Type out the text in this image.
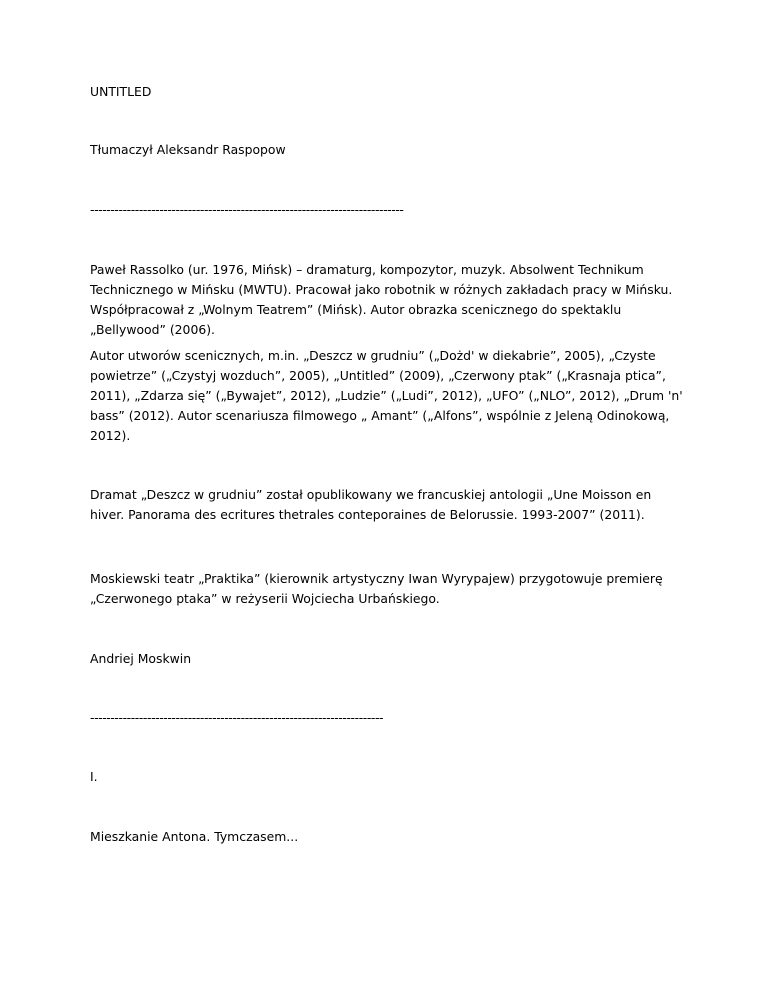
UNTITLED

Tłumaczył Aleksandr Raspopow

-----------------------------------------------------------------------------

Paweł Rassolko (ur. 1976, Mińsk) – dramaturg, kompozytor, muzyk. Absolwent Technikum Technicznego w Mińsku (MWTU). Pracował jako robotnik w różnych zakładach pracy w Mińsku. Współpracował z „Wolnym Teatrem” (Mińsk). Autor obrazka scenicznego do spektaklu „Bellywood” (2006).

Autor utworów scenicznych, m.in. „Deszcz w grudniu” („Dożd' w diekabrie”, 2005), „Czyste powietrze” („Czystyj wozduch”, 2005), „Untitled” (2009), „Czerwony ptak” („Krasnaja ptica”, 2011), „Zdarza się” („Bywajet”, 2012), „Ludzie” („Ludi”, 2012), „UFO” („NLO”, 2012), „Drum 'n' bass” (2012). Autor scenariusza filmowego „ Amant” („Alfons”, wspólnie z Jeleną Odinokową, 2012).

Dramat „Deszcz w grudniu” został opublikowany we francuskiej antologii „Une Moisson en hiver. Panorama des ecritures thetrales conteporaines de Belorussie. 1993-2007” (2011).

Moskiewski teatr „Praktika” (kierownik artystyczny Iwan Wyrypajew) przygotowuje premierę „Czerwonego ptaka” w reżyserii Wojciecha Urbańskiego.

Andriej Moskwin

------------------------------------------------------------------------

I.

Mieszkanie Antona. Tymczasem...
